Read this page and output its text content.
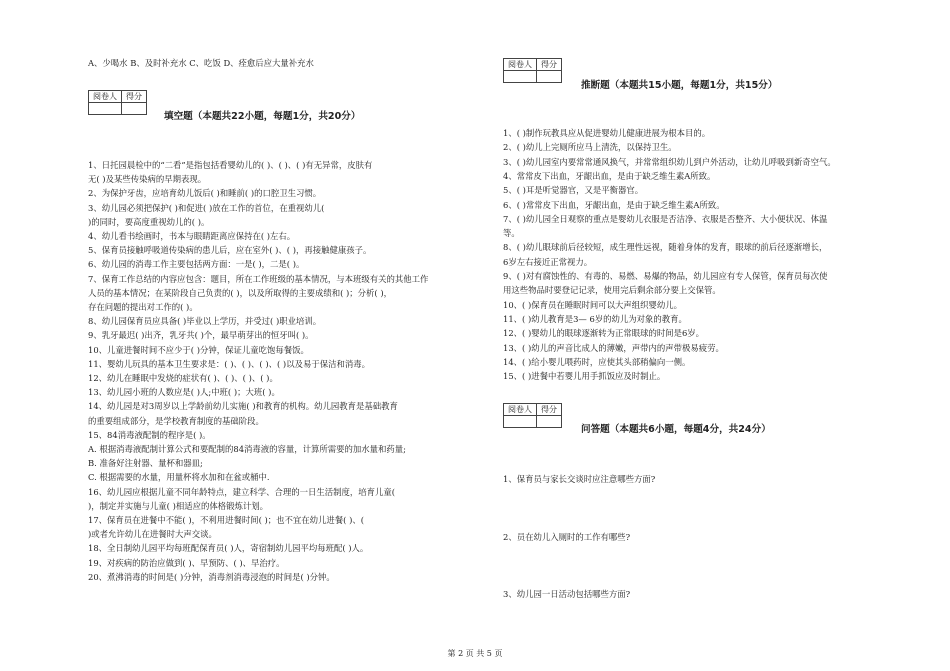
A、少喝水 B、及时补充水 C、吃饭 D、痊愈后应大量补充水
阅卷人	得分

填空题（本题共22小题，每题1分，共20分）
1、日托园晨检中的“二看”是指包括看婴幼儿的( )、( )、( )有无异常，皮肤有
无( )及某些传染病的早期表现。
2、为保护牙齿，应培育幼儿饭后( )和睡前( )的口腔卫生习惯。
3、幼儿园必须把保护( )和促进( )放在工作的首位，在重视幼儿(
)的同时，要高度重视幼儿的( )。
4、幼儿看书绘画时，书本与眼睛距离应保持在( )左右。
5、保育员接触呼吸道传染病的患儿后，应在室外( )、( )，再接触健康孩子。
6、幼儿园的消毒工作主要包括两方面：一是( )，二是( )。
7、保育工作总结的内容应包含：题目，所在工作班级的基本情况，与本班级有关的其他工作
人员的基本情况；在某阶段自己负责的( )，以及所取得的主要成绩和( )；分析( )，
存在问题的提出对工作的( )。
8、幼儿园保育员应具备( )毕业以上学历，并受过( )职业培训。
9、乳牙最迟( )出齐，乳牙共( )个，最早萌芽出的恒牙叫( )。
10、儿童进餐时间不应少于( )分钟，保证儿童吃饱每餐饭。
11、婴幼儿玩具的基本卫生要求是：( )、( )、( )、( )以及易于保洁和消毒。
12、幼儿在睡眠中发烧的症状有( )、( )、( )、( )。
13、幼儿园小班的人数应是( )人;中班( )；大班( )。
14、幼儿园是对3周岁以上学龄前幼儿实施( )和教育的机构。幼儿园教育是基础教育
的重要组成部分，是学校教育制度的基础阶段。
15、84消毒液配制的程序是( )。
A. 根据消毒液配制计算公式和要配制的84消毒液的容量，计算所需要的加水量和药量;
B. 准备好注射器、量杯和器皿;
C. 根据需要的水量，用量杯将水加和在盆或桶中.
16、幼儿园应根据儿童不同年龄特点，建立科学、合理的一日生活制度，培育儿童(
)，制定并实施与儿童( )相适应的体格锻炼计划。
17、保育员在进餐中不能( )，不利用进餐时间( )；也不宜在幼儿进餐( )、(
)或者允许幼儿在进餐时大声交谈。
18、全日制幼儿园平均每班配保育员( )人，寄宿制幼儿园平均每班配( )人。
19、对疾病的防治应做到( )、早预防、( )、早治疗。
20、煮沸消毒的时间是( )分钟，消毒剂消毒浸泡的时间是( )分钟。
阅卷人	得分

推断题（本题共15小题，每题1分，共15分）
1、( )制作玩教具应从促进婴幼儿健康进展为根本目的。
2、( )幼儿上完厕所应马上清洗，以保持卫生。
3、( )幼儿园室内要常常通风换气，并常常组织幼儿到户外活动，让幼儿呼吸到新奇空气。
4、常常皮下出血，牙龈出血，是由于缺乏维生素A所致。
5、( )耳是听觉器官，又是平衡器官。
6、( )常常皮下出血，牙龈出血，是由于缺乏维生素A所致。
7、( )幼儿园全日观察的重点是婴幼儿衣服是否洁净、衣服是否整齐、大小便状况、体温
等。
8、( )幼儿眼球前后径较短，成生理性远视，随着身体的发育，眼球的前后径逐渐增长，
6岁左右接近正常视力。
9、( )对有腐蚀性的、有毒的、易燃、易爆的物品，幼儿园应有专人保管，保育员每次使
用这些物品时要登记记录，使用完后剩余部分要上交保管。
10、( )保育员在睡眠时间可以大声组织婴幼儿。
11、( )幼儿教育是3— 6岁的幼儿为对象的教育。
12、( )婴幼儿的眼球逐渐转为正常眼球的时间是6岁。
13、( )幼儿的声音比成人的薄嫩，声带内的声带极易疲劳。
14、( )给小婴儿喂药时，应使其头部稍偏向一侧。
15、( )进餐中若婴儿用手抓饭应及时制止。
阅卷人	得分

问答题（本题共6小题，每题4分，共24分）
1、保育员与家长交谈时应注意哪些方面?
2、员在幼儿入厕时的工作有哪些?
3、幼儿园一日活动包括哪些方面?
第 2 页 共 5 页
